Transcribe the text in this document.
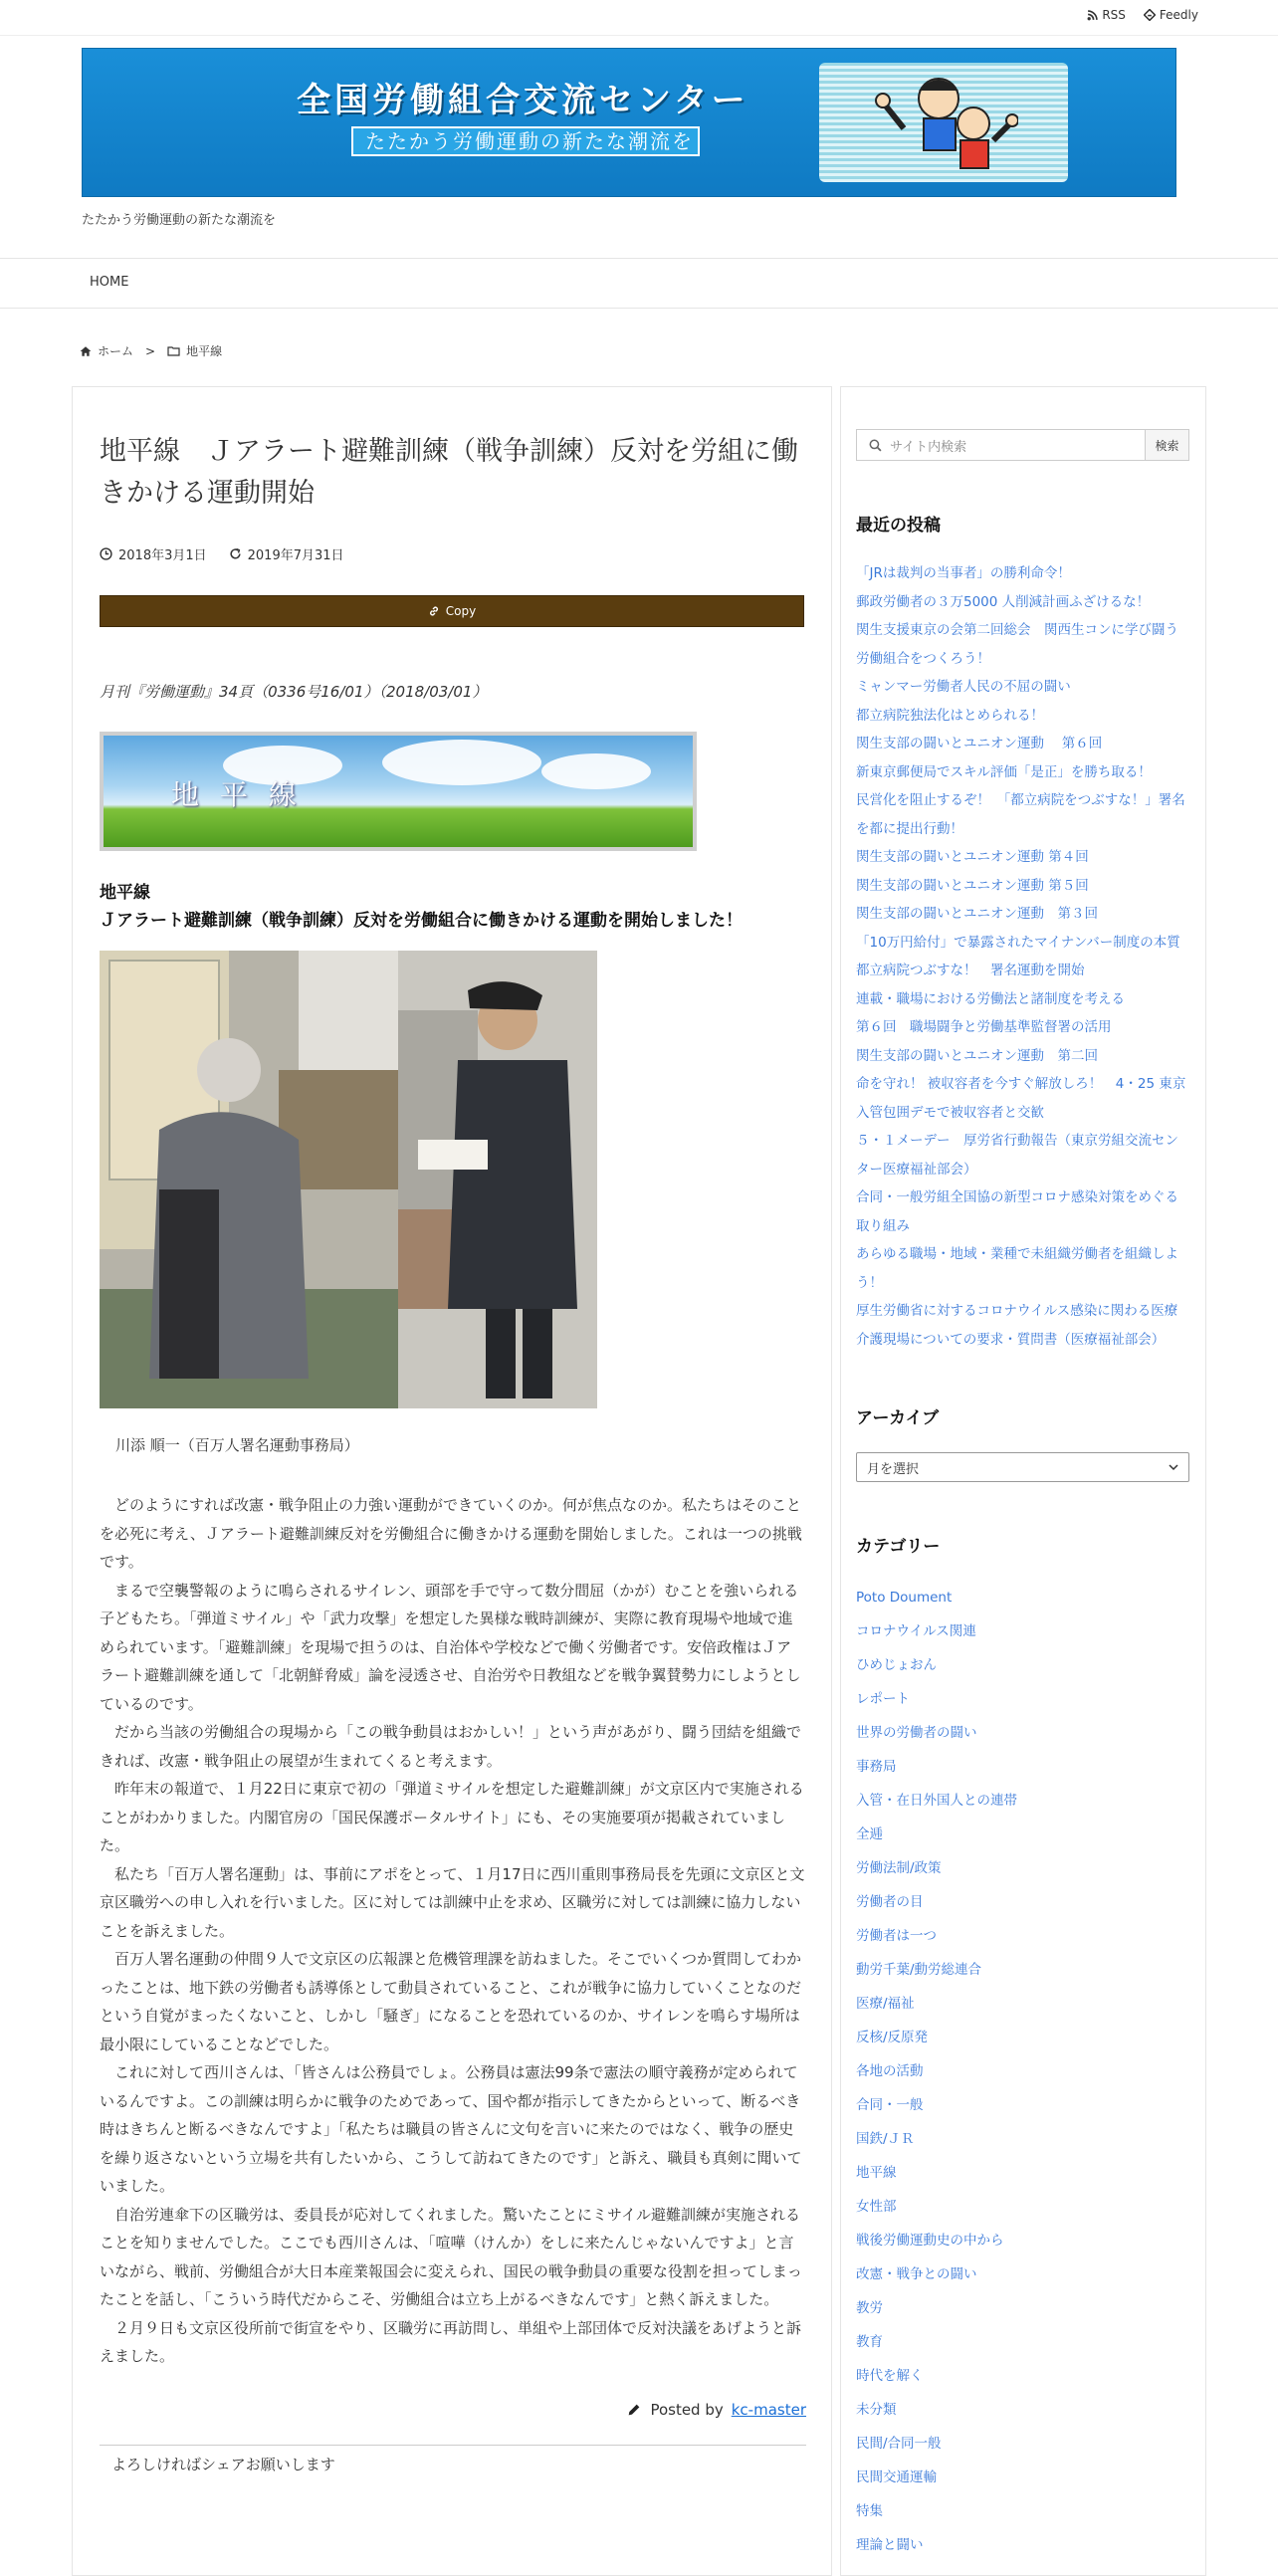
RSS	Feedly
全国労働組合交流センター
たたかう労働運動の新たな潮流を
たたかう労働運動の新たな潮流を
HOME
ホーム >	地平線
地平線　Ｊアラート避難訓練（戦争訓練）反対を労組に働きかける運動開始
2018年3月1日	2019年7月31日
Copy
月刊『労働運動』34頁（0336号16/01）（2018/03/01）
地 平 線
地平線
Ｊアラート避難訓練（戦争訓練）反対を労働組合に働きかける運動を開始しました！
川添 順一（百万人署名運動事務局）

どのようにすれば改憲・戦争阻止の力強い運動ができていくのか。何が焦点なのか。私たちはそのことを必死に考え、Ｊアラート避難訓練反対を労働組合に働きかける運動を開始しました。これは一つの挑戦です。

まるで空襲警報のように鳴らされるサイレン、頭部を手で守って数分間屈（かが）むことを強いられる子どもたち。「弾道ミサイル」や「武力攻撃」を想定した異様な戦時訓練が、実際に教育現場や地域で進められています。「避難訓練」を現場で担うのは、自治体や学校などで働く労働者です。安倍政権はＪアラート避難訓練を通して「北朝鮮脅威」論を浸透させ、自治労や日教組などを戦争翼賛勢力にしようとしているのです。

だから当該の労働組合の現場から「この戦争動員はおかしい！」という声があがり、闘う団結を組織できれば、改憲・戦争阻止の展望が生まれてくると考えます。

昨年末の報道で、１月22日に東京で初の「弾道ミサイルを想定した避難訓練」が文京区内で実施されることがわかりました。内閣官房の「国民保護ポータルサイト」にも、その実施要項が掲載されていました。

私たち「百万人署名運動」は、事前にアポをとって、１月17日に西川重則事務局長を先頭に文京区と文京区職労への申し入れを行いました。区に対しては訓練中止を求め、区職労に対しては訓練に協力しないことを訴えました。

百万人署名運動の仲間９人で文京区の広報課と危機管理課を訪ねました。そこでいくつか質問してわかったことは、地下鉄の労働者も誘導係として動員されていること、これが戦争に協力していくことなのだという自覚がまったくないこと、しかし「騒ぎ」になることを恐れているのか、サイレンを鳴らす場所は最小限にしていることなどでした。

これに対して西川さんは、「皆さんは公務員でしょ。公務員は憲法99条で憲法の順守義務が定められているんですよ。この訓練は明らかに戦争のためであって、国や都が指示してきたからといって、断るべき時はきちんと断るべきなんですよ」「私たちは職員の皆さんに文句を言いに来たのではなく、戦争の歴史を繰り返さないという立場を共有したいから、こうして訪ねてきたのです」と訴え、職員も真剣に聞いていました。

自治労連傘下の区職労は、委員長が応対してくれました。驚いたことにミサイル避難訓練が実施されることを知りませんでした。ここでも西川さんは、「喧嘩（けんか）をしに来たんじゃないんですよ」と言いながら、戦前、労働組合が大日本産業報国会に変えられ、国民の戦争動員の重要な役割を担ってしまったことを話し、「こういう時代だからこそ、労働組合は立ち上がるべきなんです」と熱く訴えました。

２月９日も文京区役所前で街宣をやり、区職労に再訪問し、単組や上部団体で反対決議をあげようと訴えました。

Posted by kc-master
よろしければシェアお願いします
サイト内検索	検索
最近の投稿
「JRは裁判の当事者」の勝利命令！
郵政労働者の３万5000 人削減計画ふざけるな！
関生支援東京の会第二回総会　関西生コンに学び闘う労働組合をつくろう！
ミャンマー労働者人民の不屈の闘い
都立病院独法化はとめられる！
関生支部の闘いとユニオン運動　 第６回
新東京郵便局でスキル評価「是正」を勝ち取る！
民営化を阻止するぞ！　「都立病院をつぶすな！」署名を都に提出行動！
関生支部の闘いとユニオン運動 第４回
関生支部の闘いとユニオン運動 第５回
関生支部の闘いとユニオン運動　第３回
「10万円給付」で暴露されたマイナンバー制度の本質
都立病院つぶすな！　署名運動を開始
連載・職場における労働法と諸制度を考える
第６回　職場闘争と労働基準監督署の活用
関生支部の闘いとユニオン運動　第二回
命を守れ！ 被収容者を今すぐ解放しろ！　4・25 東京入管包囲デモで被収容者と交歓
５・１メーデー　厚労省行動報告（東京労組交流センター医療福祉部会）
合同・一般労組全国協の新型コロナ感染対策をめぐる取り組み
あらゆる職場・地域・業種で未組織労働者を組織しよう！
厚生労働省に対するコロナウイルス感染に関わる医療介護現場についての要求・質問書（医療福祉部会）
アーカイブ
月を選択
カテゴリー
Poto Doument
コロナウイルス関連
ひめじょおん
レポート
世界の労働者の闘い
事務局
入管・在日外国人との連帯
全逓
労働法制/政策
労働者の目
労働者は一つ
動労千葉/動労総連合
医療/福祉
反核/反原発
各地の活動
合同・一般
国鉄/ＪＲ
地平線
女性部
戦後労働運動史の中から
改憲・戦争との闘い
教労
教育
時代を解く
未分類
民間/合同一般
民間交通運輸
特集
理論と闘い
